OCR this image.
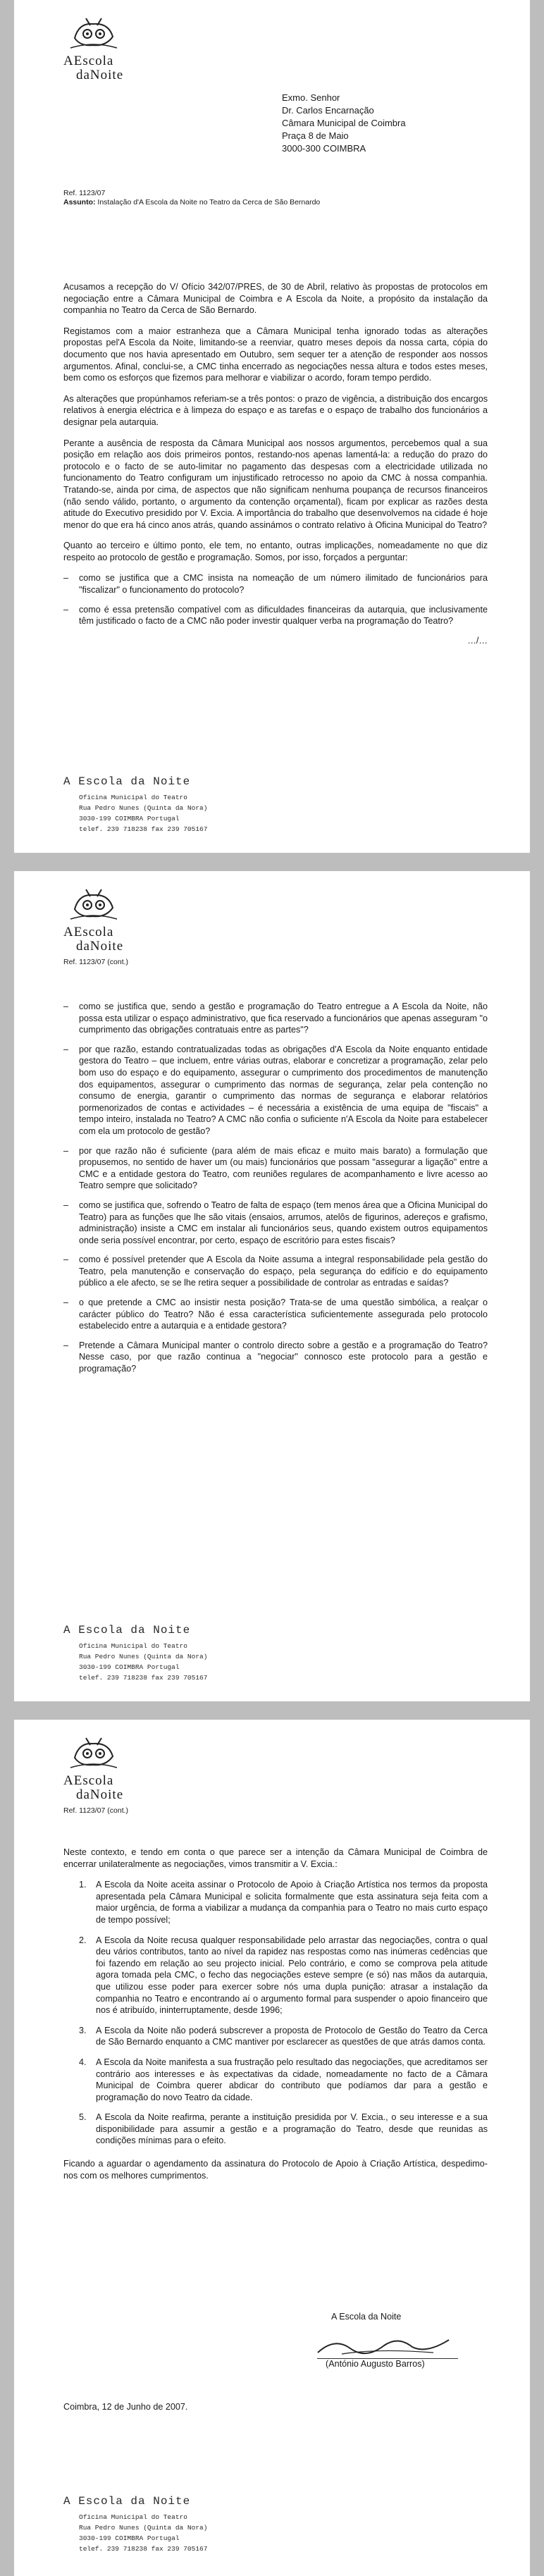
AEscola
daNoite
Exmo. Senhor
Dr. Carlos Encarnação
Câmara Municipal de Coimbra
Praça 8 de Maio
3000-300 COIMBRA
Ref. 1123/07
Assunto: Instalação d'A Escola da Noite no Teatro da Cerca de São Bernardo

Acusamos a recepção do V/ Ofício 342/07/PRES, de 30 de Abril, relativo às propostas de protocolos em negociação entre a Câmara Municipal de Coimbra e A Escola da Noite, a propósito da instalação da companhia no Teatro da Cerca de São Bernardo.

Registamos com a maior estranheza que a Câmara Municipal tenha ignorado todas as alterações propostas pel'A Escola da Noite, limitando-se a reenviar, quatro meses depois da nossa carta, cópia do documento que nos havia apresentado em Outubro, sem sequer ter a atenção de responder aos nossos argumentos. Afinal, conclui-se, a CMC tinha encerrado as negociações nessa altura e todos estes meses, bem como os esforços que fizemos para melhorar e viabilizar o acordo, foram tempo perdido.

As alterações que propúnhamos referiam-se a três pontos: o prazo de vigência, a distribuição dos encargos relativos à energia eléctrica e à limpeza do espaço e as tarefas e o espaço de trabalho dos funcionários a designar pela autarquia.

Perante a ausência de resposta da Câmara Municipal aos nossos argumentos, percebemos qual a sua posição em relação aos dois primeiros pontos, restando-nos apenas lamentá-la: a redução do prazo do protocolo e o facto de se auto-limitar no pagamento das despesas com a electricidade utilizada no funcionamento do Teatro configuram um injustificado retrocesso no apoio da CMC à nossa companhia. Tratando-se, ainda por cima, de aspectos que não significam nenhuma poupança de recursos financeiros (não sendo válido, portanto, o argumento da contenção orçamental), ficam por explicar as razões desta atitude do Executivo presidido por V. Excia. A importância do trabalho que desenvolvemos na cidade é hoje menor do que era há cinco anos atrás, quando assinámos o contrato relativo à Oficina Municipal do Teatro?

Quanto ao terceiro e último ponto, ele tem, no entanto, outras implicações, nomeadamente no que diz respeito ao protocolo de gestão e programação. Somos, por isso, forçados a perguntar:

–	como se justifica que a CMC insista na nomeação de um número ilimitado de funcionários para "fiscalizar" o funcionamento do protocolo?
–	como é essa pretensão compatível com as dificuldades financeiras da autarquia, que inclusivamente têm justificado o facto de a CMC não poder investir qualquer verba na programação do Teatro?
…/…
A Escola da Noite
Oficina Municipal do Teatro
Rua Pedro Nunes (Quinta da Nora)
3030-199 COIMBRA Portugal
telef. 239 718238 fax 239 705167
AEscola
daNoite
Ref. 1123/07 (cont.)
–	como se justifica que, sendo a gestão e programação do Teatro entregue a A Escola da Noite, não possa esta utilizar o espaço administrativo, que fica reservado a funcionários que apenas asseguram "o cumprimento das obrigações contratuais entre as partes"?
–	por que razão, estando contratualizadas todas as obrigações d'A Escola da Noite enquanto entidade gestora do Teatro – que incluem, entre várias outras, elaborar e concretizar a programação, zelar pelo bom uso do espaço e do equipamento, assegurar o cumprimento dos procedimentos de manutenção dos equipamentos, assegurar o cumprimento das normas de segurança, zelar pela contenção no consumo de energia, garantir o cumprimento das normas de segurança e elaborar relatórios pormenorizados de contas e actividades – é necessária a existência de uma equipa de "fiscais" a tempo inteiro, instalada no Teatro? A CMC não confia o suficiente n'A Escola da Noite para estabelecer com ela um protocolo de gestão?
–	por que razão não é suficiente (para além de mais eficaz e muito mais barato) a formulação que propusemos, no sentido de haver um (ou mais) funcionários que possam "assegurar a ligação" entre a CMC e a entidade gestora do Teatro, com reuniões regulares de acompanhamento e livre acesso ao Teatro sempre que solicitado?
–	como se justifica que, sofrendo o Teatro de falta de espaço (tem menos área que a Oficina Municipal do Teatro) para as funções que lhe são vitais (ensaios, arrumos, atelôs de figurinos, adereços e grafismo, administração) insiste a CMC em instalar ali funcionários seus, quando existem outros equipamentos onde seria possível encontrar, por certo, espaço de escritório para estes fiscais?
–	como é possível pretender que A Escola da Noite assuma a integral responsabilidade pela gestão do Teatro, pela manutenção e conservação do espaço, pela segurança do edifício e do equipamento público a ele afecto, se se lhe retira sequer a possibilidade de controlar as entradas e saídas?
–	o que pretende a CMC ao insistir nesta posição? Trata-se de uma questão simbólica, a realçar o carácter público do Teatro? Não é essa característica suficientemente assegurada pelo protocolo estabelecido entre a autarquia e a entidade gestora?
–	Pretende a Câmara Municipal manter o controlo directo sobre a gestão e a programação do Teatro? Nesse caso, por que razão continua a "negociar" connosco este protocolo para a gestão e programação?
A Escola da Noite
Oficina Municipal do Teatro
Rua Pedro Nunes (Quinta da Nora)
3030-199 COIMBRA Portugal
telef. 239 718238 fax 239 705167
AEscola
daNoite
Ref. 1123/07 (cont.)

Neste contexto, e tendo em conta o que parece ser a intenção da Câmara Municipal de Coimbra de encerrar unilateralmente as negociações, vimos transmitir a V. Excia.:

1.	A Escola da Noite aceita assinar o Protocolo de Apoio à Criação Artística nos termos da proposta apresentada pela Câmara Municipal e solicita formalmente que esta assinatura seja feita com a maior urgência, de forma a viabilizar a mudança da companhia para o Teatro no mais curto espaço de tempo possível;
2.	A Escola da Noite recusa qualquer responsabilidade pelo arrastar das negociações, contra o qual deu vários contributos, tanto ao nível da rapidez nas respostas como nas inúmeras cedências que foi fazendo em relação ao seu projecto inicial. Pelo contrário, e como se comprova pela atitude agora tomada pela CMC, o fecho das negociações esteve sempre (e só) nas mãos da autarquia, que utilizou esse poder para exercer sobre nós uma dupla punição: atrasar a instalação da companhia no Teatro e encontrando aí o argumento formal para suspender o apoio financeiro que nos é atribuído, ininterruptamente, desde 1996;
3.	A Escola da Noite não poderá subscrever a proposta de Protocolo de Gestão do Teatro da Cerca de São Bernardo enquanto a CMC mantiver por esclarecer as questões de que atrás damos conta.
4.	A Escola da Noite manifesta a sua frustração pelo resultado das negociações, que acreditamos ser contrário aos interesses e às expectativas da cidade, nomeadamente no facto de a Câmara Municipal de Coimbra querer abdicar do contributo que podíamos dar para a gestão e programação do novo Teatro da cidade.
5.	A Escola da Noite reafirma, perante a instituição presidida por V. Excia., o seu interesse e a sua disponibilidade para assumir a gestão e a programação do Teatro, desde que reunidas as condições mínimas para o efeito.

Ficando a aguardar o agendamento da assinatura do Protocolo de Apoio à Criação Artística, despedimo-nos com os melhores cumprimentos.

A Escola da Noite
(António Augusto Barros)
Coimbra, 12 de Junho de 2007.
A Escola da Noite
Oficina Municipal do Teatro
Rua Pedro Nunes (Quinta da Nora)
3030-199 COIMBRA Portugal
telef. 239 718238 fax 239 705167
